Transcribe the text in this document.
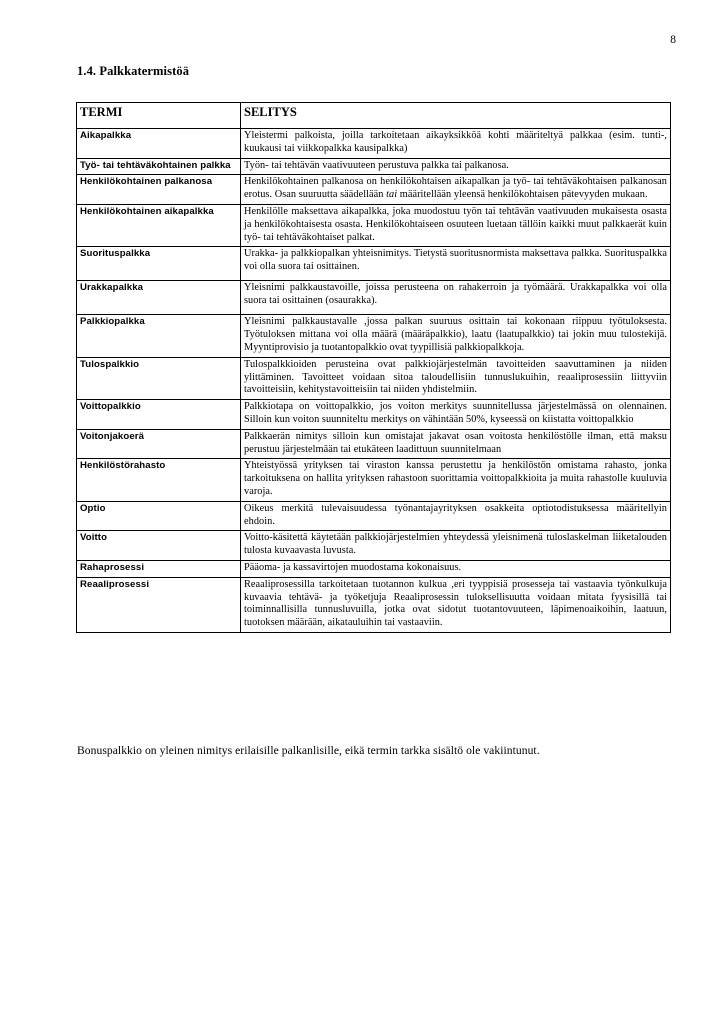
8
1.4. Palkkatermistöä
TERMI	SELITYS
Aikapalkka	Yleistermi palkoista, joilla tarkoitetaan aikayksikköä kohti määriteltyä palkkaa (esim. tunti-, kuukausi tai viikkopalkka kausipalkka)
Työ- tai tehtäväkohtainen palkka	Työn- tai tehtävän vaativuuteen perustuva palkka tai palkanosa.
Henkilökohtainen palkanosa	Henkilökohtainen palkanosa on henkilökohtaisen aikapalkan ja työ- tai tehtäväkohtaisen palkanosan erotus. Osan suuruutta säädellään tai määritellään yleensä henkilökohtaisen pätevyyden mukaan.
Henkilökohtainen aikapalkka	Henkilölle maksettava aikapalkka, joka muodostuu työn tai tehtävän vaativuuden mukaisesta osasta ja henkilökohtaisesta osasta. Henkilökohtaiseen osuuteen luetaan tällöin kaikki muut palkkaerät kuin työ- tai tehtäväkohtaiset palkat.
Suorituspalkka	Urakka- ja palkkiopalkan yhteisnimitys. Tietystä suoritusnormista maksettava palkka. Suorituspalkka voi olla suora tai osittainen.
Urakkapalkka	Yleisnimi palkkaustavoille, joissa perusteena on rahakerroin ja työmäärä. Urakkapalkka voi olla suora tai osittainen (osaurakka).
Palkkiopalkka	Yleisnimi palkkaustavalle ,jossa palkan suuruus osittain tai kokonaan riippuu työtuloksesta. Työtuloksen mittana voi olla määrä (määräpalkkio), laatu (laatupalkkio) tai jokin muu tulostekijä. Myyntiprovisio ja tuotantopalkkio ovat tyypillisiä palkkiopalkkoja.
Tulospalkkio	Tulospalkkioiden perusteina ovat palkkiojärjestelmän tavoitteiden saavuttaminen ja niiden ylittäminen. Tavoitteet voidaan sitoa taloudellisiin tunnuslukuihin, reaaliprosessiin liittyviin tavoitteisiin, kehitystavoitteisiin tai niiden yhdistelmiin.
Voittopalkkio	Palkkiotapa on voittopalkkio, jos voiton merkitys suunnitellussa järjestelmässä on olennainen. Silloin kun voiton suunniteltu merkitys on vähintään 50%, kyseessä on kiistatta voittopalkkio
Voitonjakoerä	Palkkaerän nimitys silloin kun omistajat jakavat osan voitosta henkilöstölle ilman, että maksu perustuu järjestelmään tai etukäteen laadittuun suunnitelmaan
Henkilöstörahasto	Yhteistyössä yrityksen tai viraston kanssa perustettu ja henkilöstön omistama rahasto, jonka tarkoituksena on hallita yrityksen rahastoon suorittamia voittopalkkioita ja muita rahastolle kuuluvia varoja.
Optio	Oikeus merkitä tulevaisuudessa työnantajayrityksen osakkeita optiotodistuksessa määritellyin ehdoin.
Voitto	Voitto-käsitettä käytetään palkkiojärjestelmien yhteydessä yleisnimenä tuloslaskelman liiketalouden tulosta kuvaavasta luvusta.
Rahaprosessi	Pääoma- ja kassavirtojen muodostama kokonaisuus.
Reaaliprosessi	Reaaliprosessilla tarkoitetaan tuotannon kulkua ,eri tyyppisiä prosesseja tai vastaavia työnkulkuja kuvaavia tehtävä- ja työketjuja Reaaliprosessin tuloksellisuutta voidaan mitata fyysisillä tai toiminnallisilla tunnusluvuilla, jotka ovat sidotut tuotantovuuteen, läpimenoaikoihin, laatuun, tuotoksen määrään, aikatauluihin tai vastaaviin.
Bonuspalkkio on yleinen nimitys erilaisille palkanlisille, eikä termin tarkka sisältö ole vakiintunut.
